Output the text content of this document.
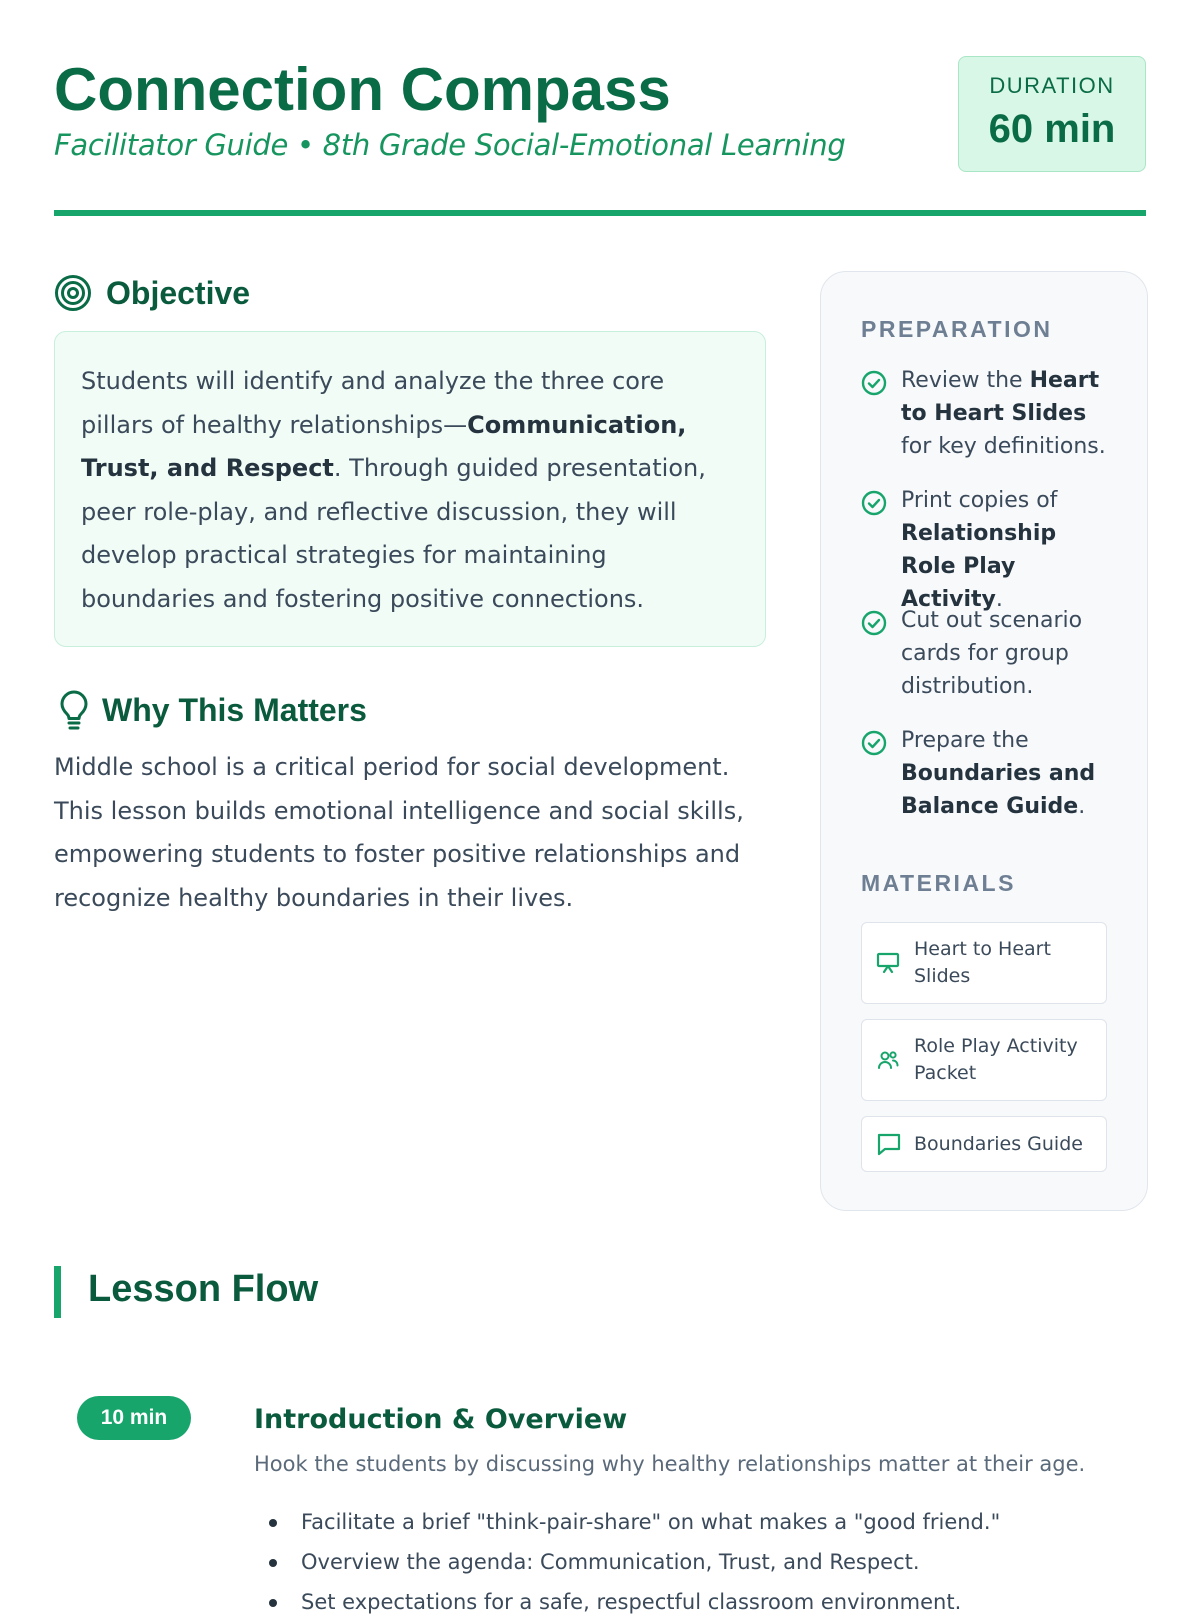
Connection Compass
Facilitator Guide • 8th Grade Social-Emotional Learning
DURATION
60 min
Objective
Students will identify and analyze the three core pillars of healthy relationships—Communication, Trust, and Respect. Through guided presentation, peer role-play, and reflective discussion, they will develop practical strategies for maintaining boundaries and fostering positive connections.
Why This Matters
Middle school is a critical period for social development. This lesson builds emotional intelligence and social skills, empowering students to foster positive relationships and recognize healthy boundaries in their lives.
PREPARATION
Review the Heart to Heart Slides for key definitions.
Print copies of Relationship Role Play Activity.
Cut out scenario cards for group distribution.
Prepare the Boundaries and Balance Guide.
MATERIALS
Heart to Heart Slides
Role Play Activity Packet
Boundaries Guide
Lesson Flow
10 min	Introduction & Overview
Hook the students by discussing why healthy relationships matter at their age.
Facilitate a brief "think-pair-share" on what makes a "good friend."
Overview the agenda: Communication, Trust, and Respect.
Set expectations for a safe, respectful classroom environment.
